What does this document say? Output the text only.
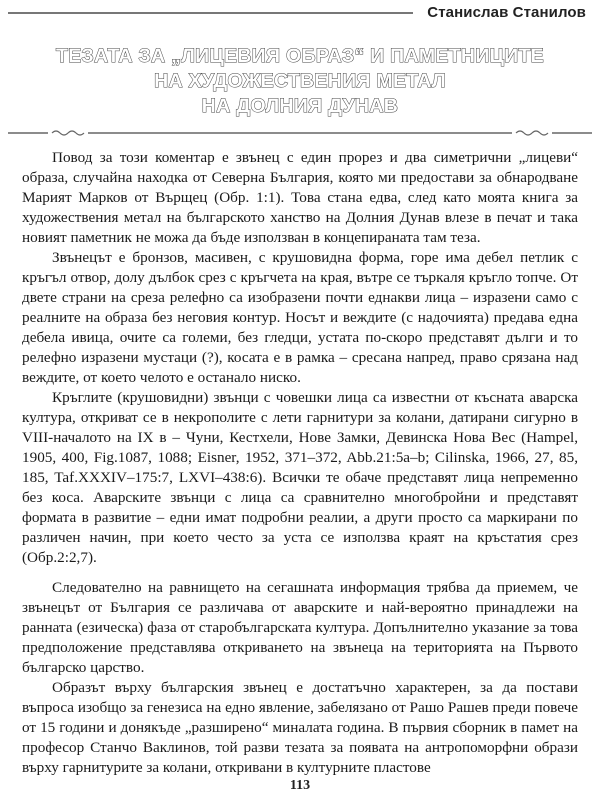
Станислав Станилов
ТЕЗАТА ЗА „ЛИЦЕВИЯ ОБРАЗ“ И ПАМЕТНИЦИТЕ
НА ХУДОЖЕСТВЕНИЯ МЕТАЛ
НА ДОЛНИЯ ДУНАВ

Повод за този коментар е звънец с един прорез и два симетрични „лицеви“ образа, случайна находка от Северна България, която ми предостави за обнародване Марият Марков от Върщец (Обр. 1:1). Това стана едва, след като моята книга за художествения метал на българското ханство на Долния Дунав влезе в печат и така новият паметник не можа да бъде използван в концепираната там теза.

Звънецът е бронзов, масивен, с крушовидна форма, горе има дебел петлик с кръгъл отвор, долу дълбок срез с кръгчета на края, вътре се търкаля кръгло топче. От двете страни на среза релефно са изобразени почти еднакви лица – изразени само с реалните на образа без неговия контур. Носът и веждите (с надочията) предава една дебела ивица, очите са големи, без гледци, устата по-скоро представят дълги и то релефно изразени мустаци (?), косата е в рамка – сресана напред, право срязана над веждите, от което челото е останало ниско.

Кръглите (крушовидни) звънци с човешки лица са известни от късната аварска култура, откриват се в некрополите с лети гарнитури за колани, датирани сигурно в VIII-началото на IX в – Чуни, Кестхели, Нове Замки, Девинска Нова Вес (Hampel, 1905, 400, Fig.1087, 1088; Eisner, 1952, 371–372, Abb.21:5a–b; Cilinska, 1966, 27, 85, 185, Taf.XXXIV–175:7, LXVI–438:6). Всички те обаче представят лица непременно без коса. Аварските звънци с лица са сравнително многобройни и представят формата в развитие – едни имат подробни реалии, а други просто са маркирани по различен начин, при което често за уста се използва краят на кръстатия срез (Обр.2:2,7).

Следователно на равнището на сегашната информация трябва да приемем, че звънецът от България се различава от аварските и най-вероятно принадлежи на ранната (езическа) фаза от старобългарската култура. Допълнително указание за това предположение представлява откриването на звънеца на територията на Първото българско царство.

Образът върху българския звънец е достатъчно характерен, за да постави въпроса изобщо за генезиса на едно явление, забелязано от Рашо Рашев преди повече от 15 години и донякъде „разширено“ миналата година. В първия сборник в памет на професор Станчо Ваклинов, той разви тезата за появата на антропоморфни образи върху гарнитурите за колани, откривани в културните пластове

113
